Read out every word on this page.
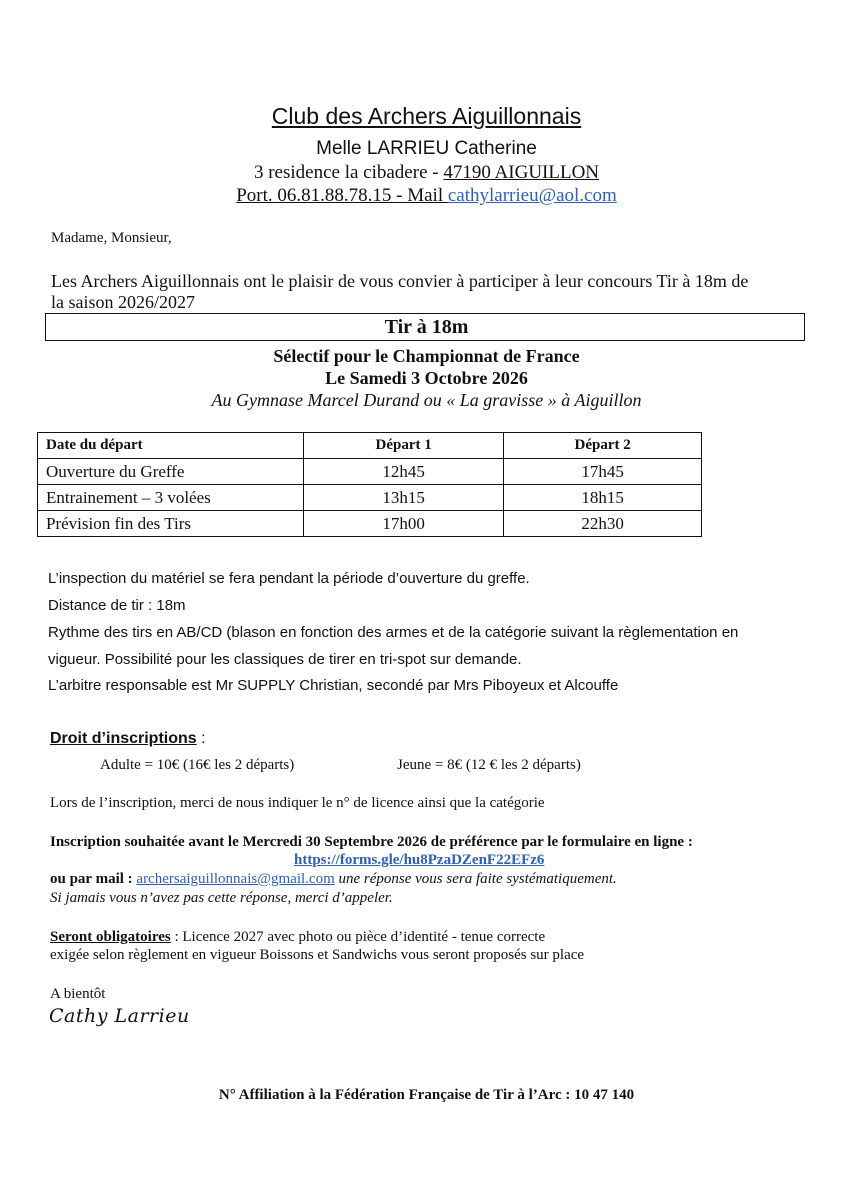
Club des Archers Aiguillonnais
Melle LARRIEU Catherine
3 residence la cibadere - 47190 AIGUILLON
Port. 06.81.88.78.15 - Mail cathylarrieu@aol.com
Madame, Monsieur,
Les Archers Aiguillonnais ont le plaisir de vous convier à participer à leur concours Tir à 18m de
la saison 2026/2027
Tir à 18m
Sélectif pour le Championnat de France
Le Samedi 3 Octobre 2026
Au Gymnase Marcel Durand ou « La gravisse » à Aiguillon
Date du départ	Départ 1	Départ 2
Ouverture du Greffe	12h45	17h45
Entrainement – 3 volées	13h15	18h15
Prévision fin des Tirs	17h00	22h30
L’inspection du matériel se fera pendant la période d’ouverture du greffe.
Distance de tir : 18m
Rythme des tirs en AB/CD (blason en fonction des armes et de la catégorie suivant la règlementation en
vigueur. Possibilité pour les classiques de tirer en tri-spot sur demande.
L’arbitre responsable est Mr SUPPLY Christian, secondé par Mrs Piboyeux et Alcouffe
Droit d’inscriptions :
Adulte = 10€ (16€ les 2 départs)	Jeune = 8€ (12 € les 2 départs)
Lors de l’inscription, merci de nous indiquer le n° de licence ainsi que la catégorie
Inscription souhaitée avant le Mercredi 30 Septembre 2026 de préférence par le formulaire en ligne :
https://forms.gle/hu8PzaDZenF22EFz6
ou par mail : archersaiguillonnais@gmail.com une réponse vous sera faite systématiquement.
Si jamais vous n’avez pas cette réponse, merci d’appeler.
Seront obligatoires : Licence 2027 avec photo ou pièce d’identité - tenue correcte
exigée selon règlement en vigueur Boissons et Sandwichs vous seront proposés sur place
A bientôt
Cathy Larrieu
N° Affiliation à la Fédération Française de Tir à l’Arc : 10 47 140
